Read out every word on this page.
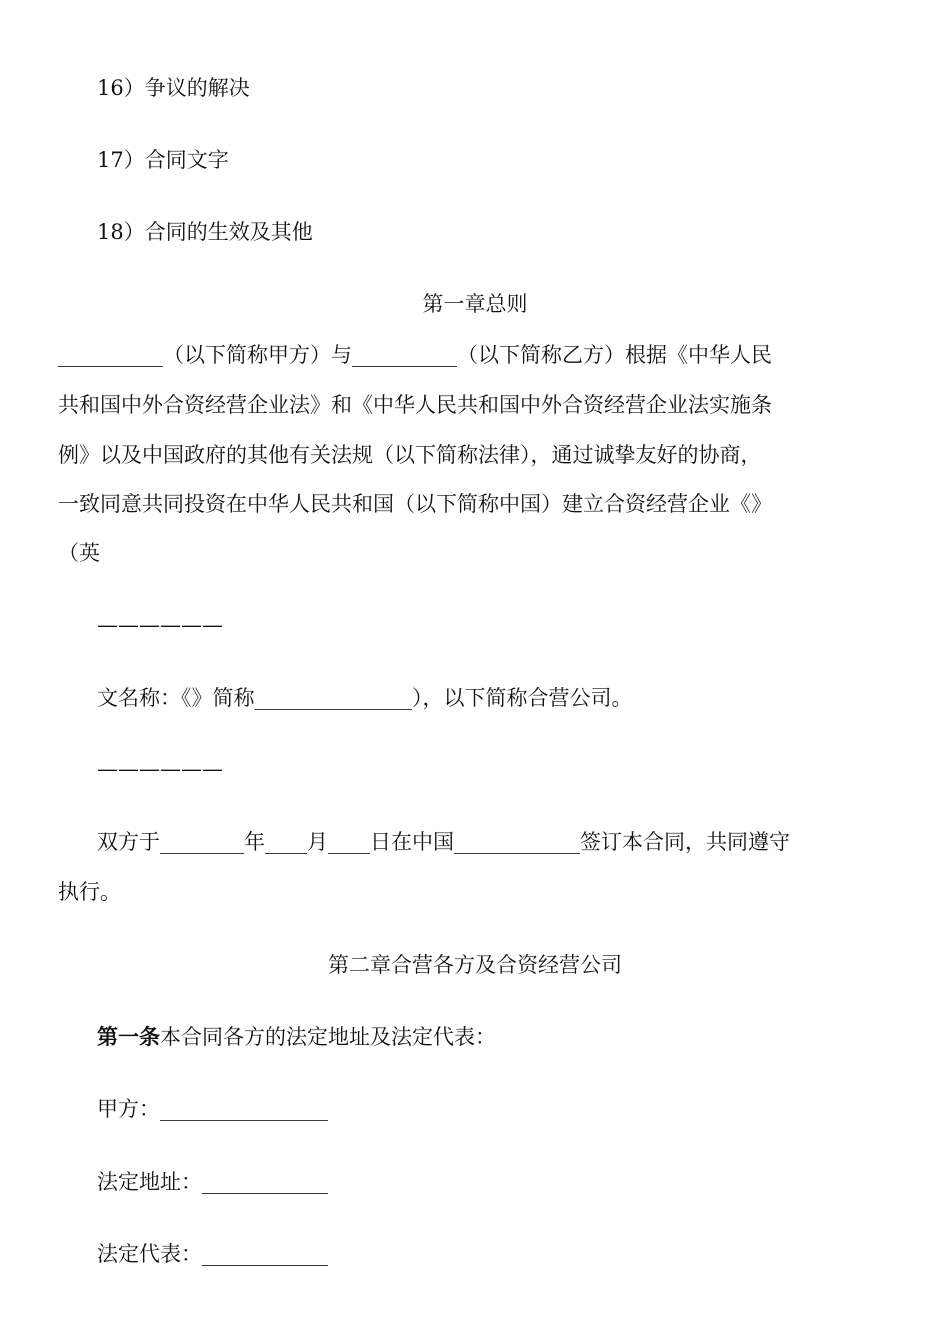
16）争议的解决
17）合同文字
18）合同的生效及其他
第一章总则
__________（以下简称甲方）与__________（以下简称乙方）根据《中华人民
共和国中外合资经营企业法》和《中华人民共和国中外合资经营企业法实施条
例》以及中国政府的其他有关法规（以下简称法律），通过诚挚友好的协商，
一致同意共同投资在中华人民共和国（以下简称中国）建立合资经营企业《》
（英
——————
文名称：《》简称_______________），以下简称合营公司。
——————
双方于________年____月____日在中国____________签订本合同，共同遵守
执行。
第二章合营各方及合资经营公司
第一条本合同各方的法定地址及法定代表：
甲方：________________
法定地址：____________
法定代表：____________
